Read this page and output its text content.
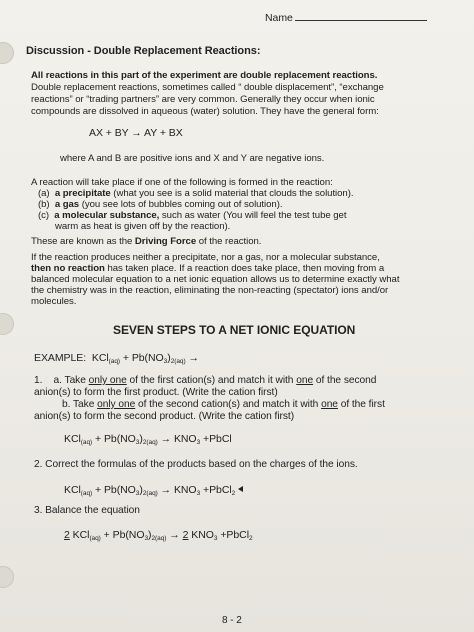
Name
Discussion - Double Replacement Reactions:
All reactions in this part of the experiment are double replacement reactions.
Double replacement reactions, sometimes called “ double displacement”, “exchange
reactions” or “trading partners” are very common. Generally they occur when ionic
compounds are dissolved in aqueous (water) solution. They have the general form:
AX + BY → AY + BX
where A and B are positive ions and X and Y are negative ions.
A reaction will take place if one of the following is formed in the reaction:
(a) a precipitate (what you see is a solid material that clouds the solution).
(b) a gas (you see lots of bubbles coming out of solution).
(c) a molecular substance, such as water (You will feel the test tube get
warm as heat is given off by the reaction).
These are known as the Driving Force of the reaction.
If the reaction produces neither a precipitate, nor a gas, nor a molecular substance,
then no reaction has taken place. If a reaction does take place, then moving from a
balanced molecular equation to a net ionic equation allows us to determine exactly what
the chemistry was in the reaction, eliminating the non-reacting (spectator) ions and/or
molecules.
SEVEN STEPS TO A NET IONIC EQUATION
EXAMPLE:  $KCl_{(aq)} + Pb(NO_3)_{2(aq)}$ →
1. a. Take only one of the first cation(s) and match it with one of the second
anion(s) to form the first product. (Write the cation first)
b. Take only one of the second cation(s) and match it with one of the first
anion(s) to form the second product. (Write the cation first)
$KCl_{(aq)} + Pb(NO_3)_{2(aq)} \to KNO_3$ +PbCl
2. Correct the formulas of the products based on the charges of the ions.
$KCl_{(aq)} + Pb(NO_3)_{2(aq)} \to KNO_3$ +PbCl$_2$
3. Balance the equation
2 $KCl_{(aq)} + Pb(NO_3)_{2(aq)} \to 2$ $KNO_3$ +PbCl$_2$
8 - 2
